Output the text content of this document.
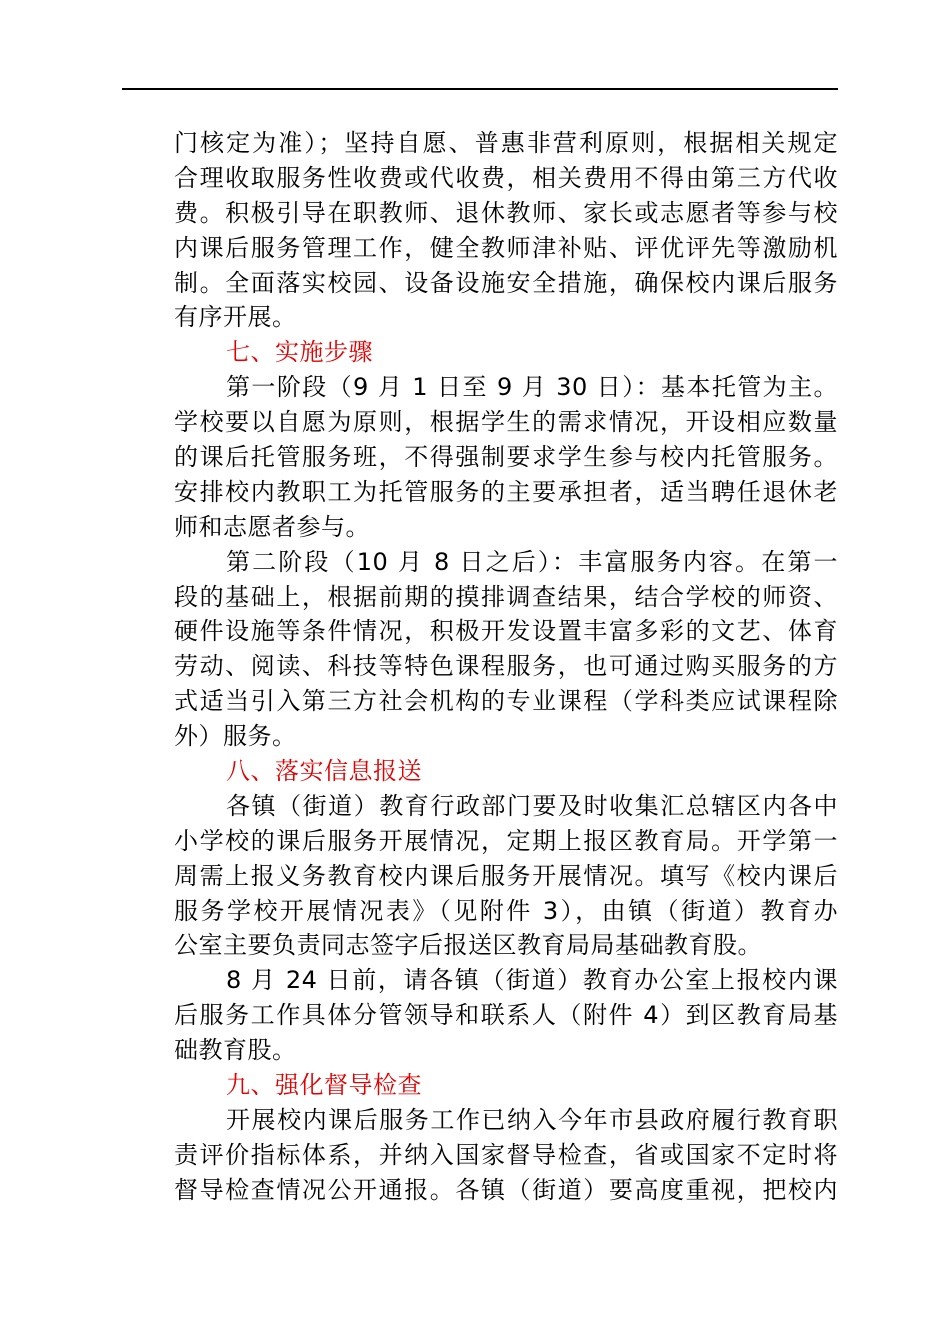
门核定为准）；坚持自愿、普惠非营利原则，根据相关规定
合理收取服务性收费或代收费，相关费用不得由第三方代收
费。积极引导在职教师、退休教师、家长或志愿者等参与校
内课后服务管理工作，健全教师津补贴、评优评先等激励机
制。全面落实校园、设备设施安全措施，确保校内课后服务
有序开展。
七、实施步骤
第一阶段（9 月 1 日至 9 月 30 日）：基本托管为主。
学校要以自愿为原则，根据学生的需求情况，开设相应数量
的课后托管服务班，不得强制要求学生参与校内托管服务。
安排校内教职工为托管服务的主要承担者，适当聘任退休老
师和志愿者参与。
第二阶段（10 月 8 日之后）：丰富服务内容。在第一
段的基础上，根据前期的摸排调查结果，结合学校的师资、
硬件设施等条件情况，积极开发设置丰富多彩的文艺、体育
劳动、阅读、科技等特色课程服务，也可通过购买服务的方
式适当引入第三方社会机构的专业课程（学科类应试课程除
外）服务。
八、落实信息报送
各镇（街道）教育行政部门要及时收集汇总辖区内各中
小学校的课后服务开展情况，定期上报区教育局。开学第一
周需上报义务教育校内课后服务开展情况。填写《校内课后
服务学校开展情况表》（见附件 3），由镇（街道）教育办
公室主要负责同志签字后报送区教育局局基础教育股。
8 月 24 日前，请各镇（街道）教育办公室上报校内课
后服务工作具体分管领导和联系人（附件 4）到区教育局基
础教育股。
九、强化督导检查
开展校内课后服务工作已纳入今年市县政府履行教育职
责评价指标体系，并纳入国家督导检查，省或国家不定时将
督导检查情况公开通报。各镇（街道）要高度重视，把校内
